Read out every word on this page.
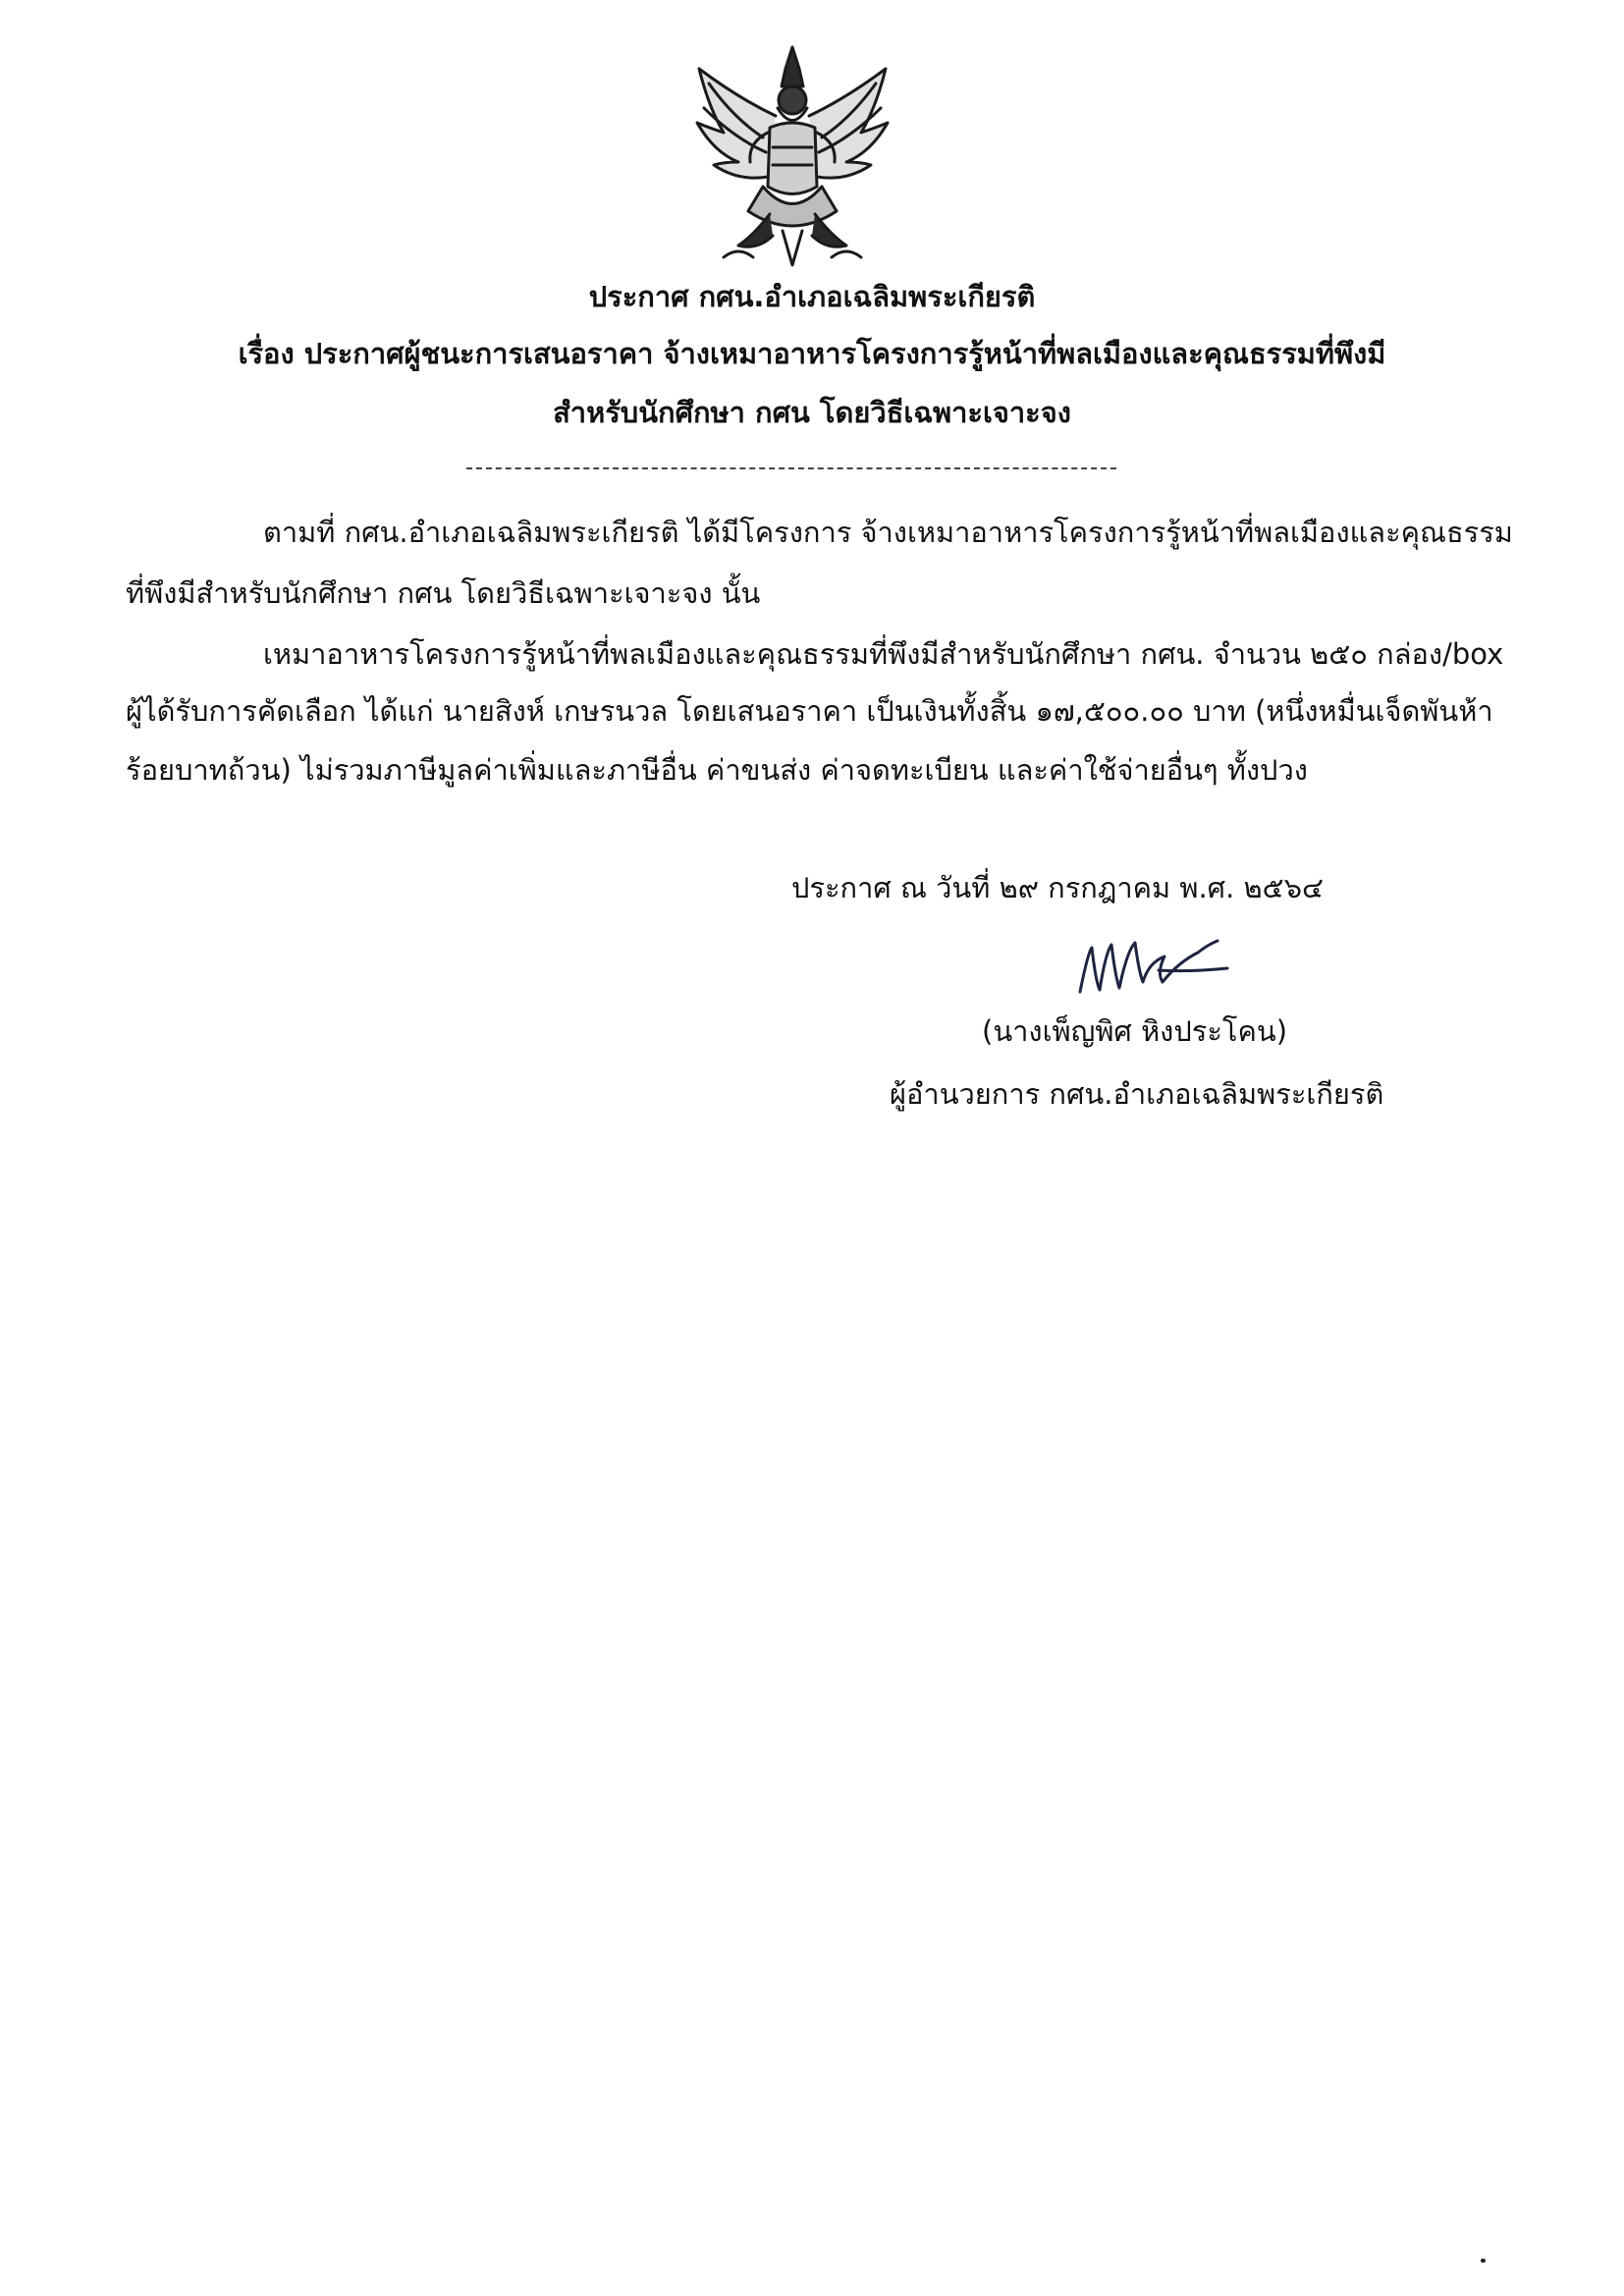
ประกาศ กศน.อำเภอเฉลิมพระเกียรติ
เรื่อง ประกาศผู้ชนะการเสนอราคา จ้างเหมาอาหารโครงการรู้หน้าที่พลเมืองและคุณธรรมที่พึงมี
สำหรับนักศึกษา กศน โดยวิธีเฉพาะเจาะจง
ตามที่ กศน.อำเภอเฉลิมพระเกียรติ ได้มีโครงการ จ้างเหมาอาหารโครงการรู้หน้าที่พลเมืองและคุณธรรม
ที่พึงมีสำหรับนักศึกษา กศน โดยวิธีเฉพาะเจาะจง นั้น
เหมาอาหารโครงการรู้หน้าที่พลเมืองและคุณธรรมที่พึงมีสำหรับนักศึกษา กศน. จำนวน ๒๕๐ กล่อง/box
ผู้ได้รับการคัดเลือก ได้แก่ นายสิงห์ เกษรนวล โดยเสนอราคา เป็นเงินทั้งสิ้น ๑๗,๕๐๐.๐๐ บาท (หนึ่งหมื่นเจ็ดพันห้า
ร้อยบาทถ้วน) ไม่รวมภาษีมูลค่าเพิ่มและภาษีอื่น ค่าขนส่ง ค่าจดทะเบียน และค่าใช้จ่ายอื่นๆ ทั้งปวง
ประกาศ ณ วันที่ ๒๙ กรกฎาคม พ.ศ. ๒๕๖๔
(นางเพ็ญพิศ หิงประโคน)
ผู้อำนวยการ กศน.อำเภอเฉลิมพระเกียรติ
